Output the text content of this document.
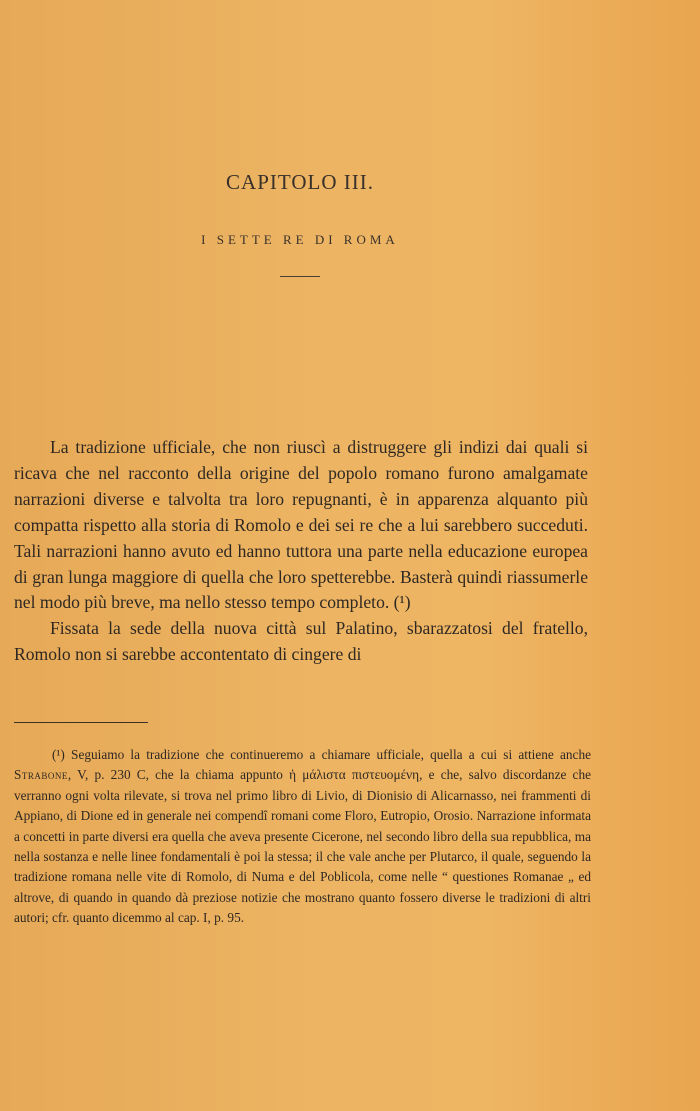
CAPITOLO III.
I SETTE RE DI ROMA

La tradizione ufficiale, che non riuscì a distruggere gli indizi dai quali si ricava che nel racconto della origine del popolo romano furono amalgamate narrazioni diverse e talvolta tra loro repugnanti, è in apparenza alquanto più compatta rispetto alla storia di Romolo e dei sei re che a lui sarebbero succeduti. Tali narrazioni hanno avuto ed hanno tuttora una parte nella educazione europea di gran lunga maggiore di quella che loro spetterebbe. Basterà quindi riassumerle nel modo più breve, ma nello stesso tempo completo. (¹)

Fissata la sede della nuova città sul Palatino, sbarazzatosi del fratello, Romolo non si sarebbe accontentato di cingere di

(¹) Seguiamo la tradizione che continueremo a chiamare ufficiale, quella a cui si attiene anche Strabone, V, p. 230 C, che la chiama appunto ἡ μάλιστα πιστευομένη, e che, salvo discordanze che verranno ogni volta rilevate, si trova nel primo libro di Livio, di Dionisio di Alicarnasso, nei frammenti di Appiano, di Dione ed in generale nei compendî romani come Floro, Eutropio, Orosio. Narrazione informata a concetti in parte diversi era quella che aveva presente Cicerone, nel secondo libro della sua repubblica, ma nella sostanza e nelle linee fondamentali è poi la stessa; il che vale anche per Plutarco, il quale, seguendo la tradizione romana nelle vite di Romolo, di Numa e del Poblicola, come nelle “ questiones Romanae „ ed altrove, di quando in quando dà preziose notizie che mostrano quanto fossero diverse le tradizioni di altri autori; cfr. quanto dicemmo al cap. I, p. 95.
